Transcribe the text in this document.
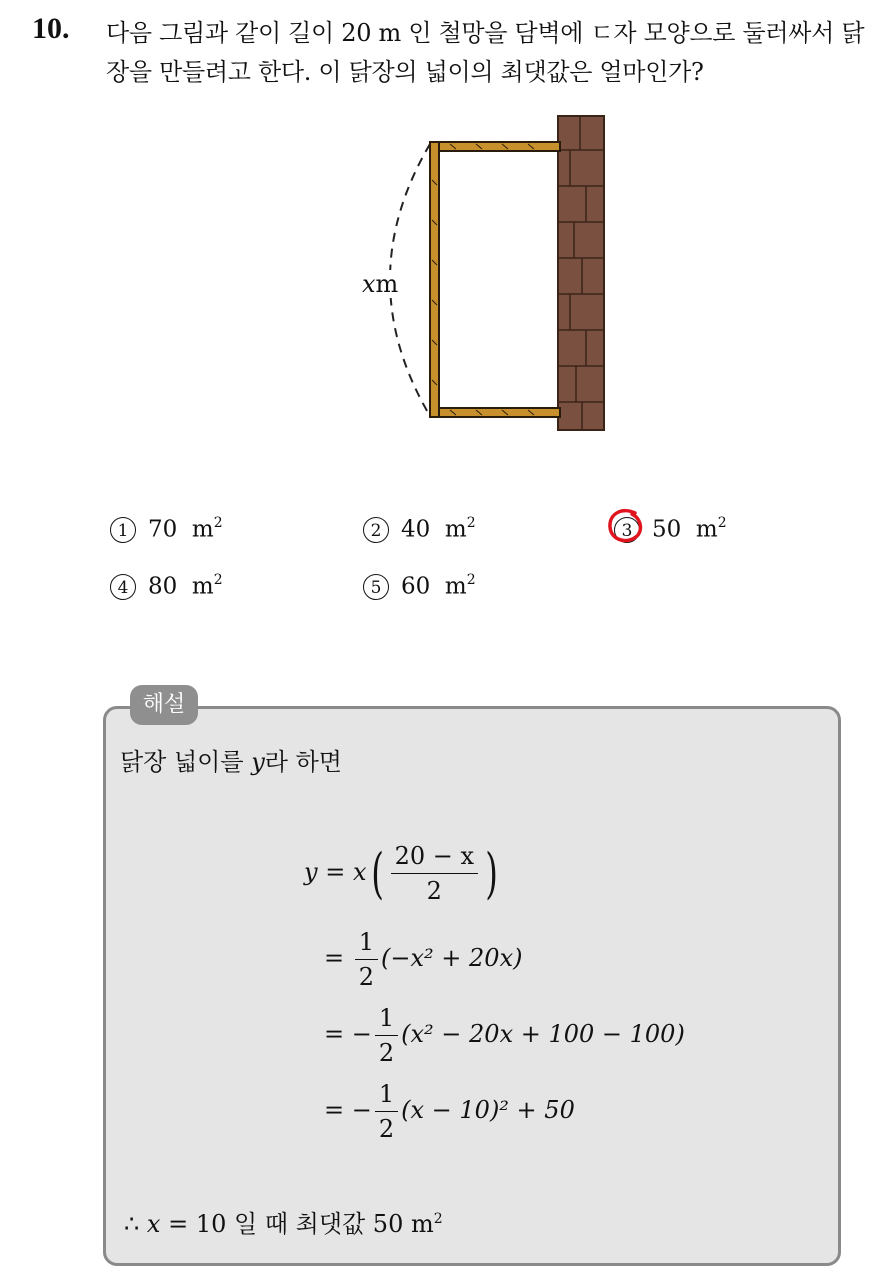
10. 다음 그림과 같이 길이 20 m 인 철망을 담벽에 ㄷ자 모양으로 둘러싸서 닭장을 만들려고 한다. 이 닭장의 넓이의 최댓값은 얼마인가?
xm
1 70 $m^2$	2 40 $m^2$	3 50 $m^2$
4 80 $m^2$	5 60 $m^2$
해설
닭장 넓이를 y라 하면
$y = x( \frac{20 - x}{2}$ )
= $\frac{1}{2} (-x^2 + 20x)$
= − $\frac{1}{2} (x^2 - 20x + 100 - 100)$
= − $\frac{1}{2} (x - 10)^2 + 50$
∴ x = 10 일 때 최댓값 50 $m^2$
